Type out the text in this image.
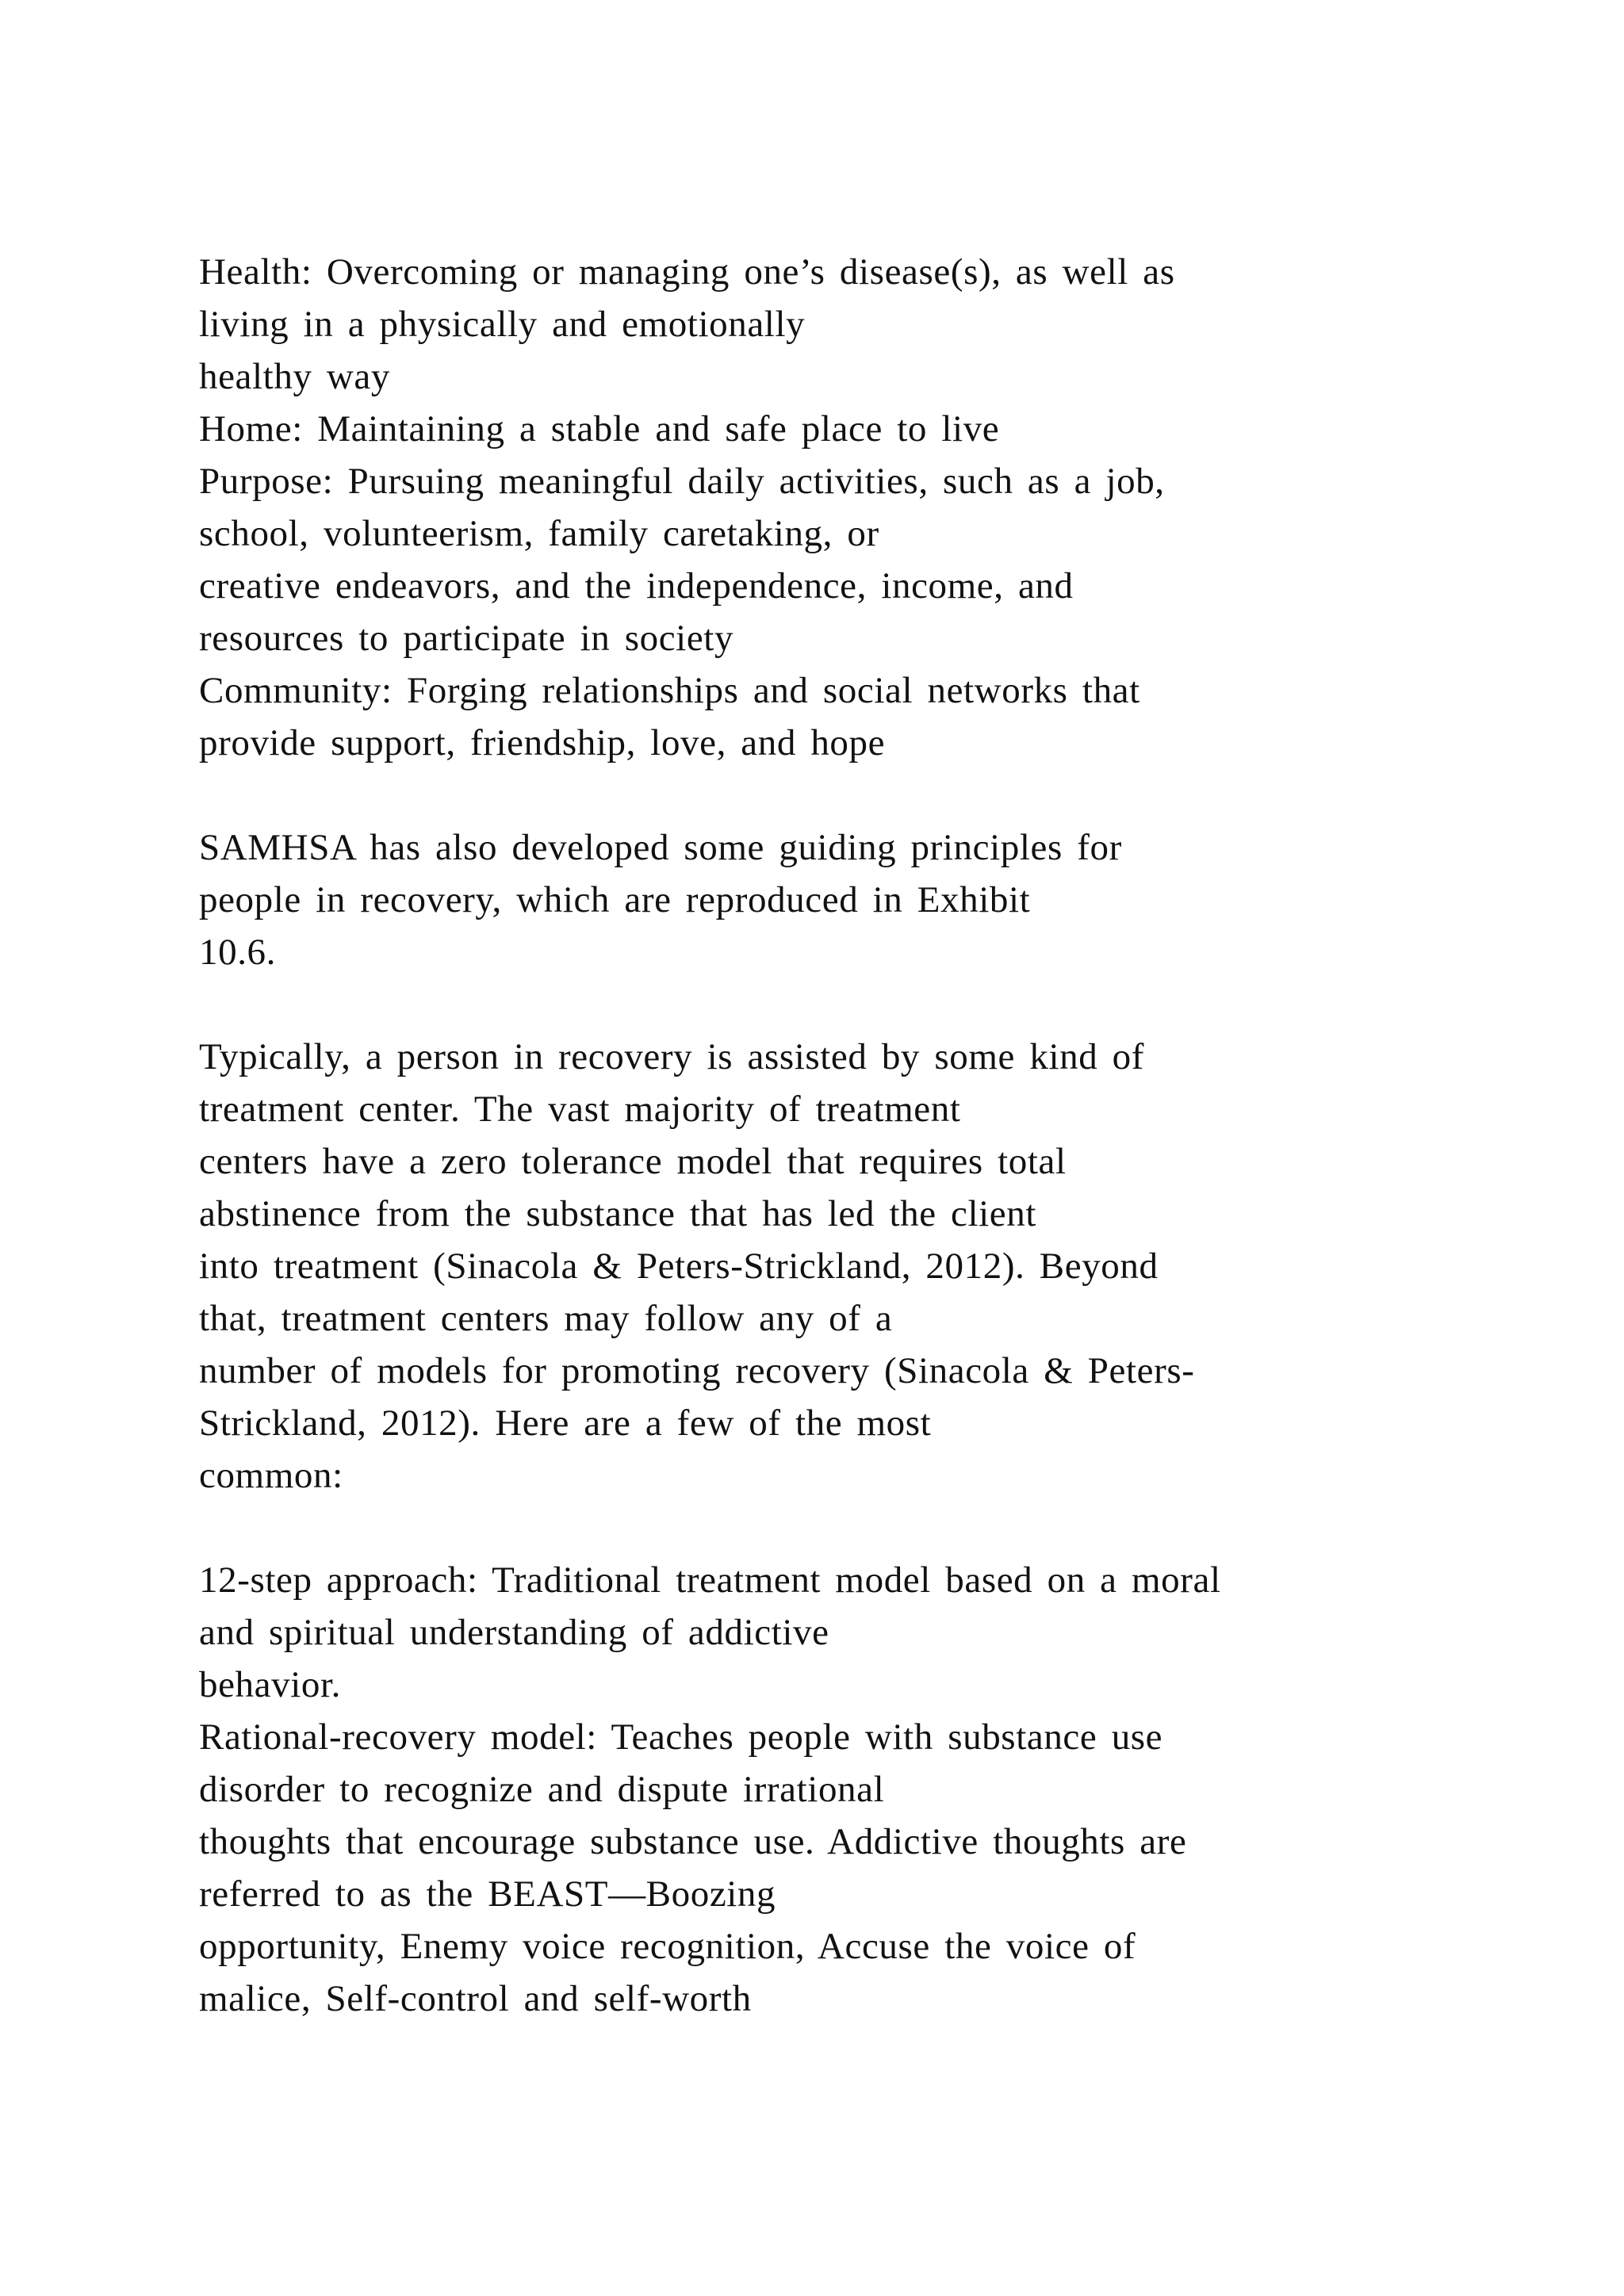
Health: Overcoming or managing one’s disease(s), as well as
living in a physically and emotionally
healthy way
Home: Maintaining a stable and safe place to live
Purpose: Pursuing meaningful daily activities, such as a job,
school, volunteerism, family caretaking, or
creative endeavors, and the independence, income, and
resources to participate in society
Community: Forging relationships and social networks that
provide support, friendship, love, and hope
SAMHSA has also developed some guiding principles for
people in recovery, which are reproduced in Exhibit
10.6.
Typically, a person in recovery is assisted by some kind of
treatment center. The vast majority of treatment
centers have a zero tolerance model that requires total
abstinence from the substance that has led the client
into treatment (Sinacola & Peters-Strickland, 2012). Beyond
that, treatment centers may follow any of a
number of models for promoting recovery (Sinacola & Peters-
Strickland, 2012). Here are a few of the most
common:
12-step approach: Traditional treatment model based on a moral
and spiritual understanding of addictive
behavior.
Rational-recovery model: Teaches people with substance use
disorder to recognize and dispute irrational
thoughts that encourage substance use. Addictive thoughts are
referred to as the BEAST—Boozing
opportunity, Enemy voice recognition, Accuse the voice of
malice, Self-control and self-worth
